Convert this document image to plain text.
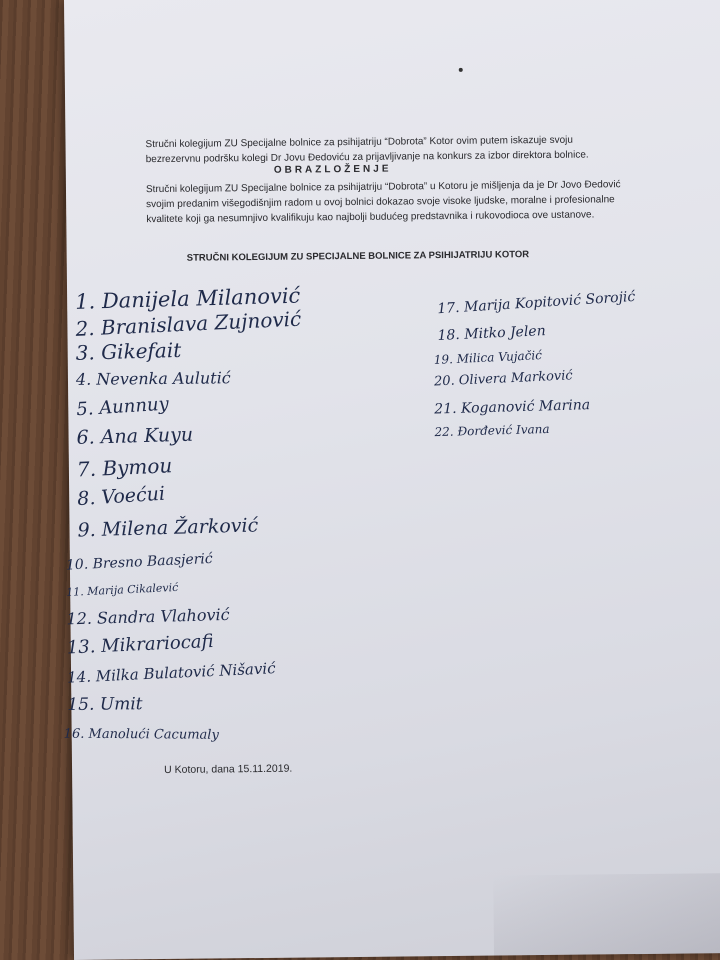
Stručni kolegijum ZU Specijalne bolnice za psihijatriju “Dobrota” Kotor ovim putem iskazuje svoju bezrezervnu podršku kolegi Dr Jovu Đedoviću za prijavljivanje na konkurs za izbor direktora bolnice.
OBRAZLOŽENJE
Stručni kolegijum ZU Specijalne bolnice za psihijatriju “Dobrota” u Kotoru je mišljenja da je Dr Jovo Đedović svojim predanim višegodišnjim radom u ovoj bolnici dokazao svoje visoke ljudske, moralne i profesionalne kvalitete koji ga nesumnjivo kvalifikuju kao najbolji budućeg predstavnika i rukovodioca ove ustanove.
STRUČNI KOLEGIJUM ZU SPECIJALNE BOLNICE ZA PSIHIJATRIJU KOTOR
1. Danijela Milanović
2. Branislava Zujnović
3. Gikefait
4. Nevenka Aulutić
5. Aunnuy
6. Ana Kuyu
7. Bymou
8. Voećui
9. Milena Žarković
10. Bresno Baasjerić
11. Marija Cikalević
12. Sandra Vlahović
13. Mikrariocafi
14. Milka Bulatović Nišavić
15. Umit
16. Manolući Cacumaly
17. Marija Kopitović Sorojić
18. Mitko Jelen
19. Milica Vujačić
20. Olivera Marković
21. Koganović Marina
22. Đorđević Ivana
U Kotoru, dana 15.11.2019.
